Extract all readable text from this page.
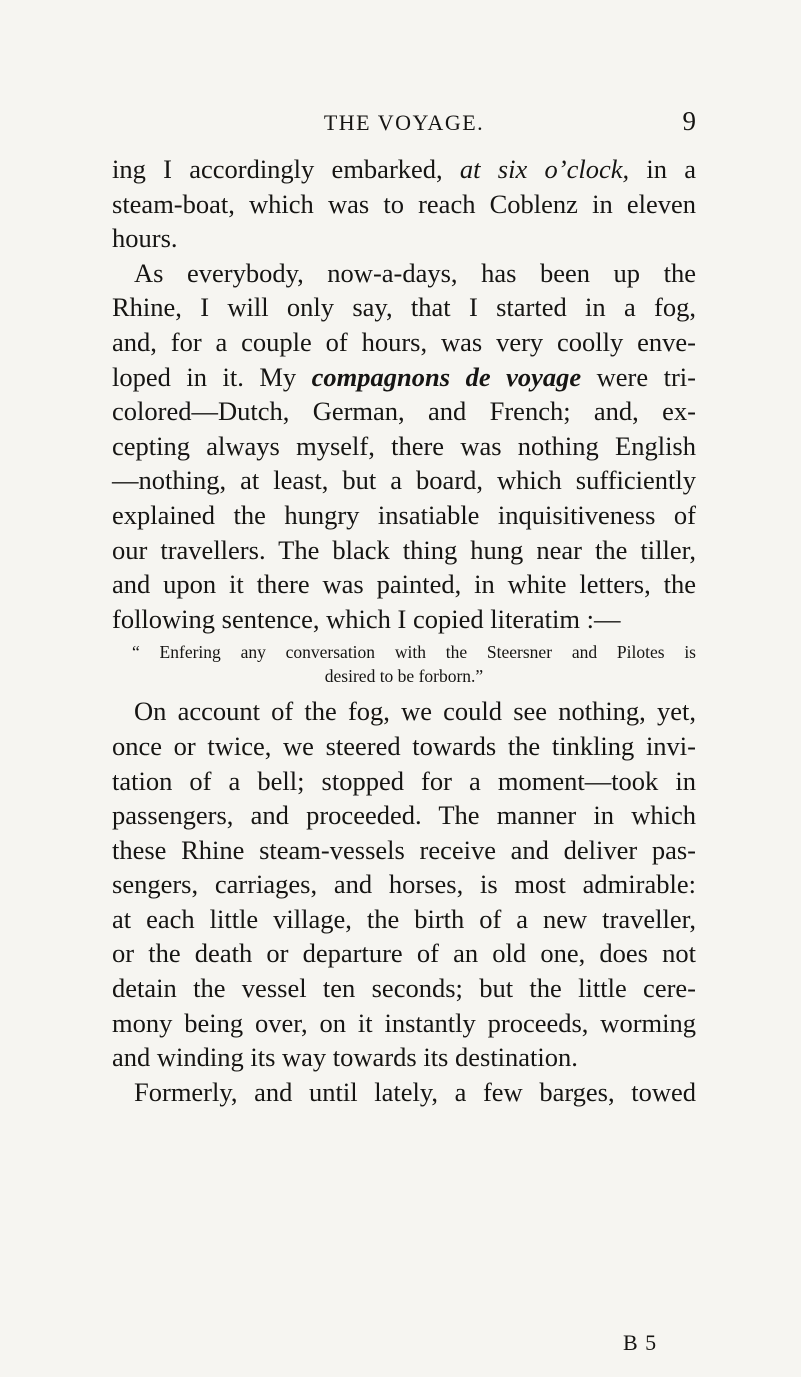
THE VOYAGE.	9
ing I accordingly embarked, at six o’clock, in a
steam-boat, which was to reach Coblenz in eleven
hours.
As everybody, now-a-days, has been up the
Rhine, I will only say, that I started in a fog,
and, for a couple of hours, was very coolly enve-
loped in it. My compagnons de voyage were tri-
colored—Dutch, German, and French; and, ex-
cepting always myself, there was nothing English
—nothing, at least, but a board, which sufficiently
explained the hungry insatiable inquisitiveness of
our travellers. The black thing hung near the tiller,
and upon it there was painted, in white letters, the
following sentence, which I copied literatim :—
“ Enfering any conversation with the Steersner and Pilotes is
desired to be forborn.”
On account of the fog, we could see nothing, yet,
once or twice, we steered towards the tinkling invi-
tation of a bell; stopped for a moment—took in
passengers, and proceeded. The manner in which
these Rhine steam-vessels receive and deliver pas-
sengers, carriages, and horses, is most admirable:
at each little village, the birth of a new traveller,
or the death or departure of an old one, does not
detain the vessel ten seconds; but the little cere-
mony being over, on it instantly proceeds, worming
and winding its way towards its destination.
Formerly, and until lately, a few barges, towed
B 5
